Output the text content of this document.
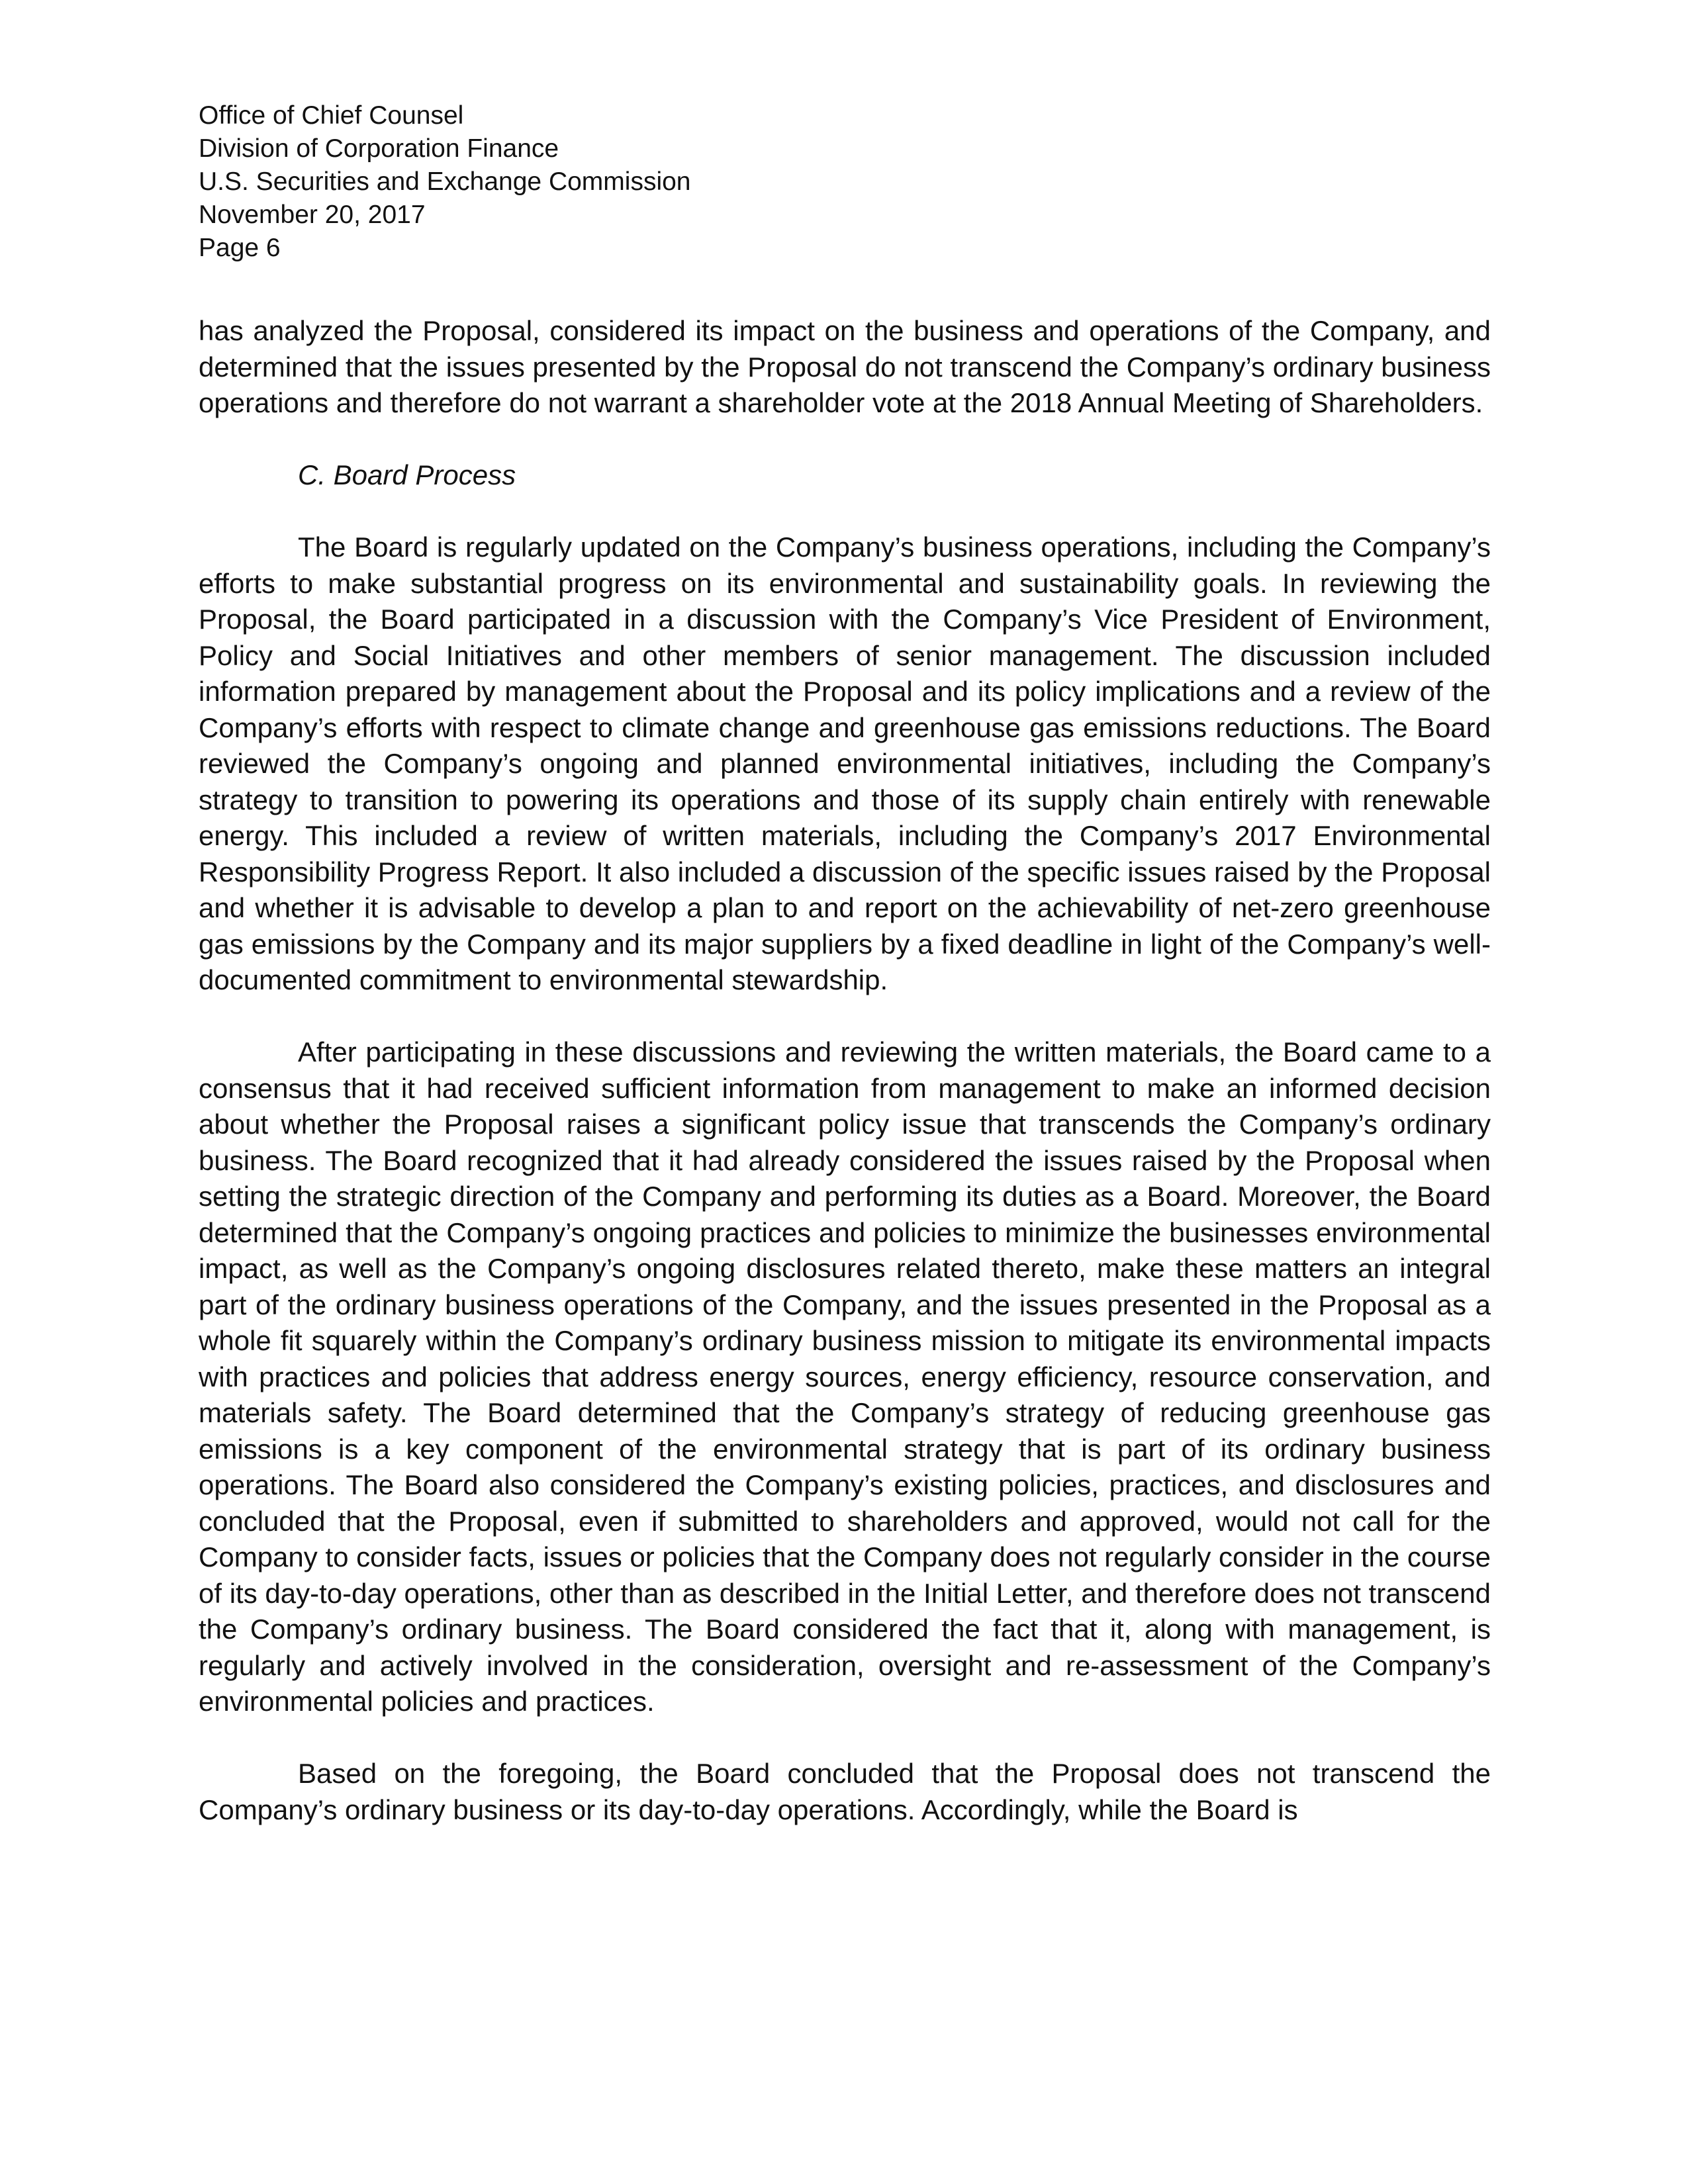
Office of Chief Counsel
Division of Corporation Finance
U.S. Securities and Exchange Commission
November 20, 2017
Page 6

has analyzed the Proposal, considered its impact on the business and operations of the Company, and determined that the issues presented by the Proposal do not transcend the Company’s ordinary business operations and therefore do not warrant a shareholder vote at the 2018 Annual Meeting of Shareholders.

C. Board Process

The Board is regularly updated on the Company’s business operations, including the Company’s efforts to make substantial progress on its environmental and sustainability goals. In reviewing the Proposal, the Board participated in a discussion with the Company’s Vice President of Environment, Policy and Social Initiatives and other members of senior management. The discussion included information prepared by management about the Proposal and its policy implications and a review of the Company’s efforts with respect to climate change and greenhouse gas emissions reductions. The Board reviewed the Company’s ongoing and planned environmental initiatives, including the Company’s strategy to transition to powering its operations and those of its supply chain entirely with renewable energy. This included a review of written materials, including the Company’s 2017 Environmental Responsibility Progress Report. It also included a discussion of the specific issues raised by the Proposal and whether it is advisable to develop a plan to and report on the achievability of net-zero greenhouse gas emissions by the Company and its major suppliers by a fixed deadline in light of the Company’s well-documented commitment to environmental stewardship.

After participating in these discussions and reviewing the written materials, the Board came to a consensus that it had received sufficient information from management to make an informed decision about whether the Proposal raises a significant policy issue that transcends the Company’s ordinary business. The Board recognized that it had already considered the issues raised by the Proposal when setting the strategic direction of the Company and performing its duties as a Board. Moreover, the Board determined that the Company’s ongoing practices and policies to minimize the businesses environmental impact, as well as the Company’s ongoing disclosures related thereto, make these matters an integral part of the ordinary business operations of the Company, and the issues presented in the Proposal as a whole fit squarely within the Company’s ordinary business mission to mitigate its environmental impacts with practices and policies that address energy sources, energy efficiency, resource conservation, and materials safety. The Board determined that the Company’s strategy of reducing greenhouse gas emissions is a key component of the environmental strategy that is part of its ordinary business operations. The Board also considered the Company’s existing policies, practices, and disclosures and concluded that the Proposal, even if submitted to shareholders and approved, would not call for the Company to consider facts, issues or policies that the Company does not regularly consider in the course of its day-to-day operations, other than as described in the Initial Letter, and therefore does not transcend the Company’s ordinary business. The Board considered the fact that it, along with management, is regularly and actively involved in the consideration, oversight and re-assessment of the Company’s environmental policies and practices.

Based on the foregoing, the Board concluded that the Proposal does not transcend the Company’s ordinary business or its day-to-day operations. Accordingly, while the Board is
